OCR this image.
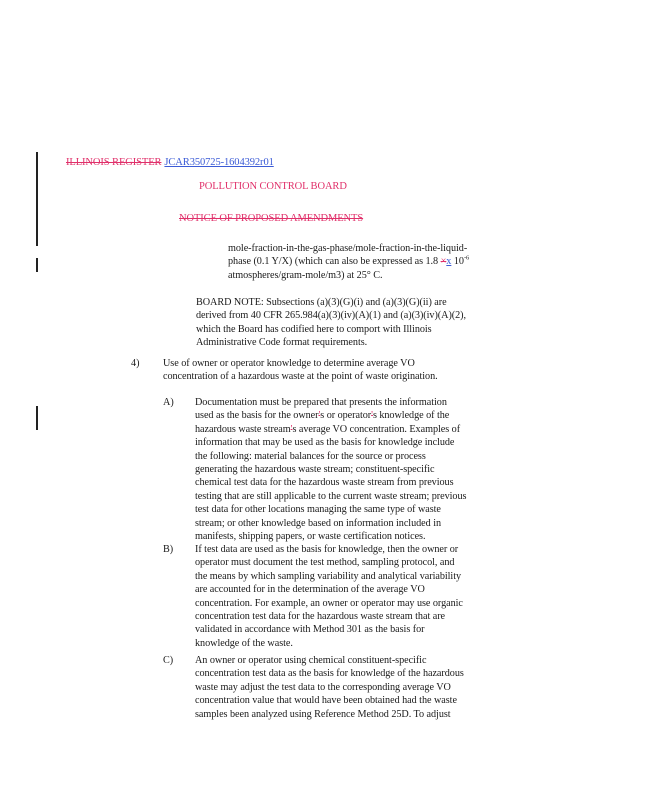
ILLINOIS REGISTER JCAR350725-1604392r01
POLLUTION CONTROL BOARD
NOTICE OF PROPOSED AMENDMENTS
mole-fraction-in-the-gas-phase/mole-fraction-in-the-liquid-
phase (0.1 Y/X) (which can also be expressed as 1.8 ×x $10^{-6}$
atmospheres/gram-mole/m3) at 25° C.
BOARD NOTE: Subsections (a)(3)(G)(i) and (a)(3)(G)(ii) are
derived from 40 CFR 265.984(a)(3)(iv)(A)(1) and (a)(3)(iv)(A)(2),
which the Board has codified here to comport with Illinois
Administrative Code format requirements.
4) Use of owner or operator knowledge to determine average VO
concentration of a hazardous waste at the point of waste origination.
A) Documentation must be prepared that presents the information
used as the basis for the owner's or operator's knowledge of the
hazardous waste stream's average VO concentration. Examples of
information that may be used as the basis for knowledge include
the following: material balances for the source or process
generating the hazardous waste stream; constituent-specific
chemical test data for the hazardous waste stream from previous
testing that are still applicable to the current waste stream; previous
test data for other locations managing the same type of waste
stream; or other knowledge based on information included in
manifests, shipping papers, or waste certification notices.
B) If test data are used as the basis for knowledge, then the owner or
operator must document the test method, sampling protocol, and
the means by which sampling variability and analytical variability
are accounted for in the determination of the average VO
concentration. For example, an owner or operator may use organic
concentration test data for the hazardous waste stream that are
validated in accordance with Method 301 as the basis for
knowledge of the waste.
C) An owner or operator using chemical constituent-specific
concentration test data as the basis for knowledge of the hazardous
waste may adjust the test data to the corresponding average VO
concentration value that would have been obtained had the waste
samples been analyzed using Reference Method 25D. To adjust
